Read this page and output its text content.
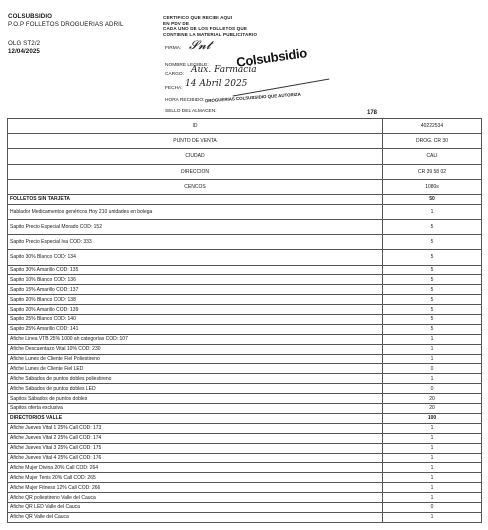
COLSUBSIDIO
P.O.P FOLLETOS DROGUERIAS ADRIL
OLG ST2/2
12/04/2025
CERTIFICO QUE RECIBI AQUI
EN PDV DE
CADA UNO DE LOS FOLLETOS QUE
CONTIENE LA MATERIAL PUBLICITARIO
FIRMA: 𝓢𝓷𝓽
NOMBRE LEGIBLE:
CARGO: Aux. Farmacia
FECHA: 14 Abril 2025
HORA RECIBIDO:
SELLO DEL ALMACEN:
Colsubsidio
DROGUERIAS COLSUBSIDIO QUE AUTORIZA
178
ID	40222534
PUNTO DE VENTA	DROG. CR 30
CIUDAD	CALI
DIRECCION	CR 39 58 02
CENCOS	1080s
FOLLETOS SIN TARJETA	50
Hablador Medicamentos genéricos Hoy 210 unidades en bolega	1
Sapito Precio Especial Morado COD: 152	5
Sapito Precio Especial Iva COD: 333	5
Sapito 30% Blanco COD: 134	5
Sapito 30% Amarillo COD: 135	5
Sapito 10% Blanco COD: 136	5
Sapito 15% Amarillo COD: 137	5
Sapito 20% Blanco COD: 138	5
Sapito 20% Amarillo COD: 139	5
Sapito 25% Blanco COD: 140	5
Sapito 25% Amarillo COD: 141	5
Afiche Linea VTB 25% 1000 ah categorías COD: 107	1
Afiche Descuentazo Vital 10% COD: 230	1
Afiche Lunes de Cliente Fiel Poliestireno	1
Afiche Lunes de Cliente Fiel LED	0
Afiche Sábados de puntos dobles poliestireno	1
Afiche Sábados de puntos dobles LED	0
Sapitos Sábados de puntos dobles	20
Sapitos oferta exclusiva	20
DIRECTORIOS VALLE	100
Afiche Jueves Vital 1 25% Call COD: 173	1
Afiche Jueves Vital 2 25% Call COD: 174	1
Afiche Jueves Vital 3 25% Call COD: 175	1
Afiche Jueves Vital 4 25% Call COD: 176	1
Afiche Mujer Divina 20% Call COD: 264	1
Afiche Mujer Tenis 20% Call COD: 265	1
Afiche Mujer Fitness 12% Call COD: 266	1
Afiche QR poliestireno Valle del Cauca	1
Afiche QR LED Valle del Cauca	0
Afiche QR Valle del Cauca	1
